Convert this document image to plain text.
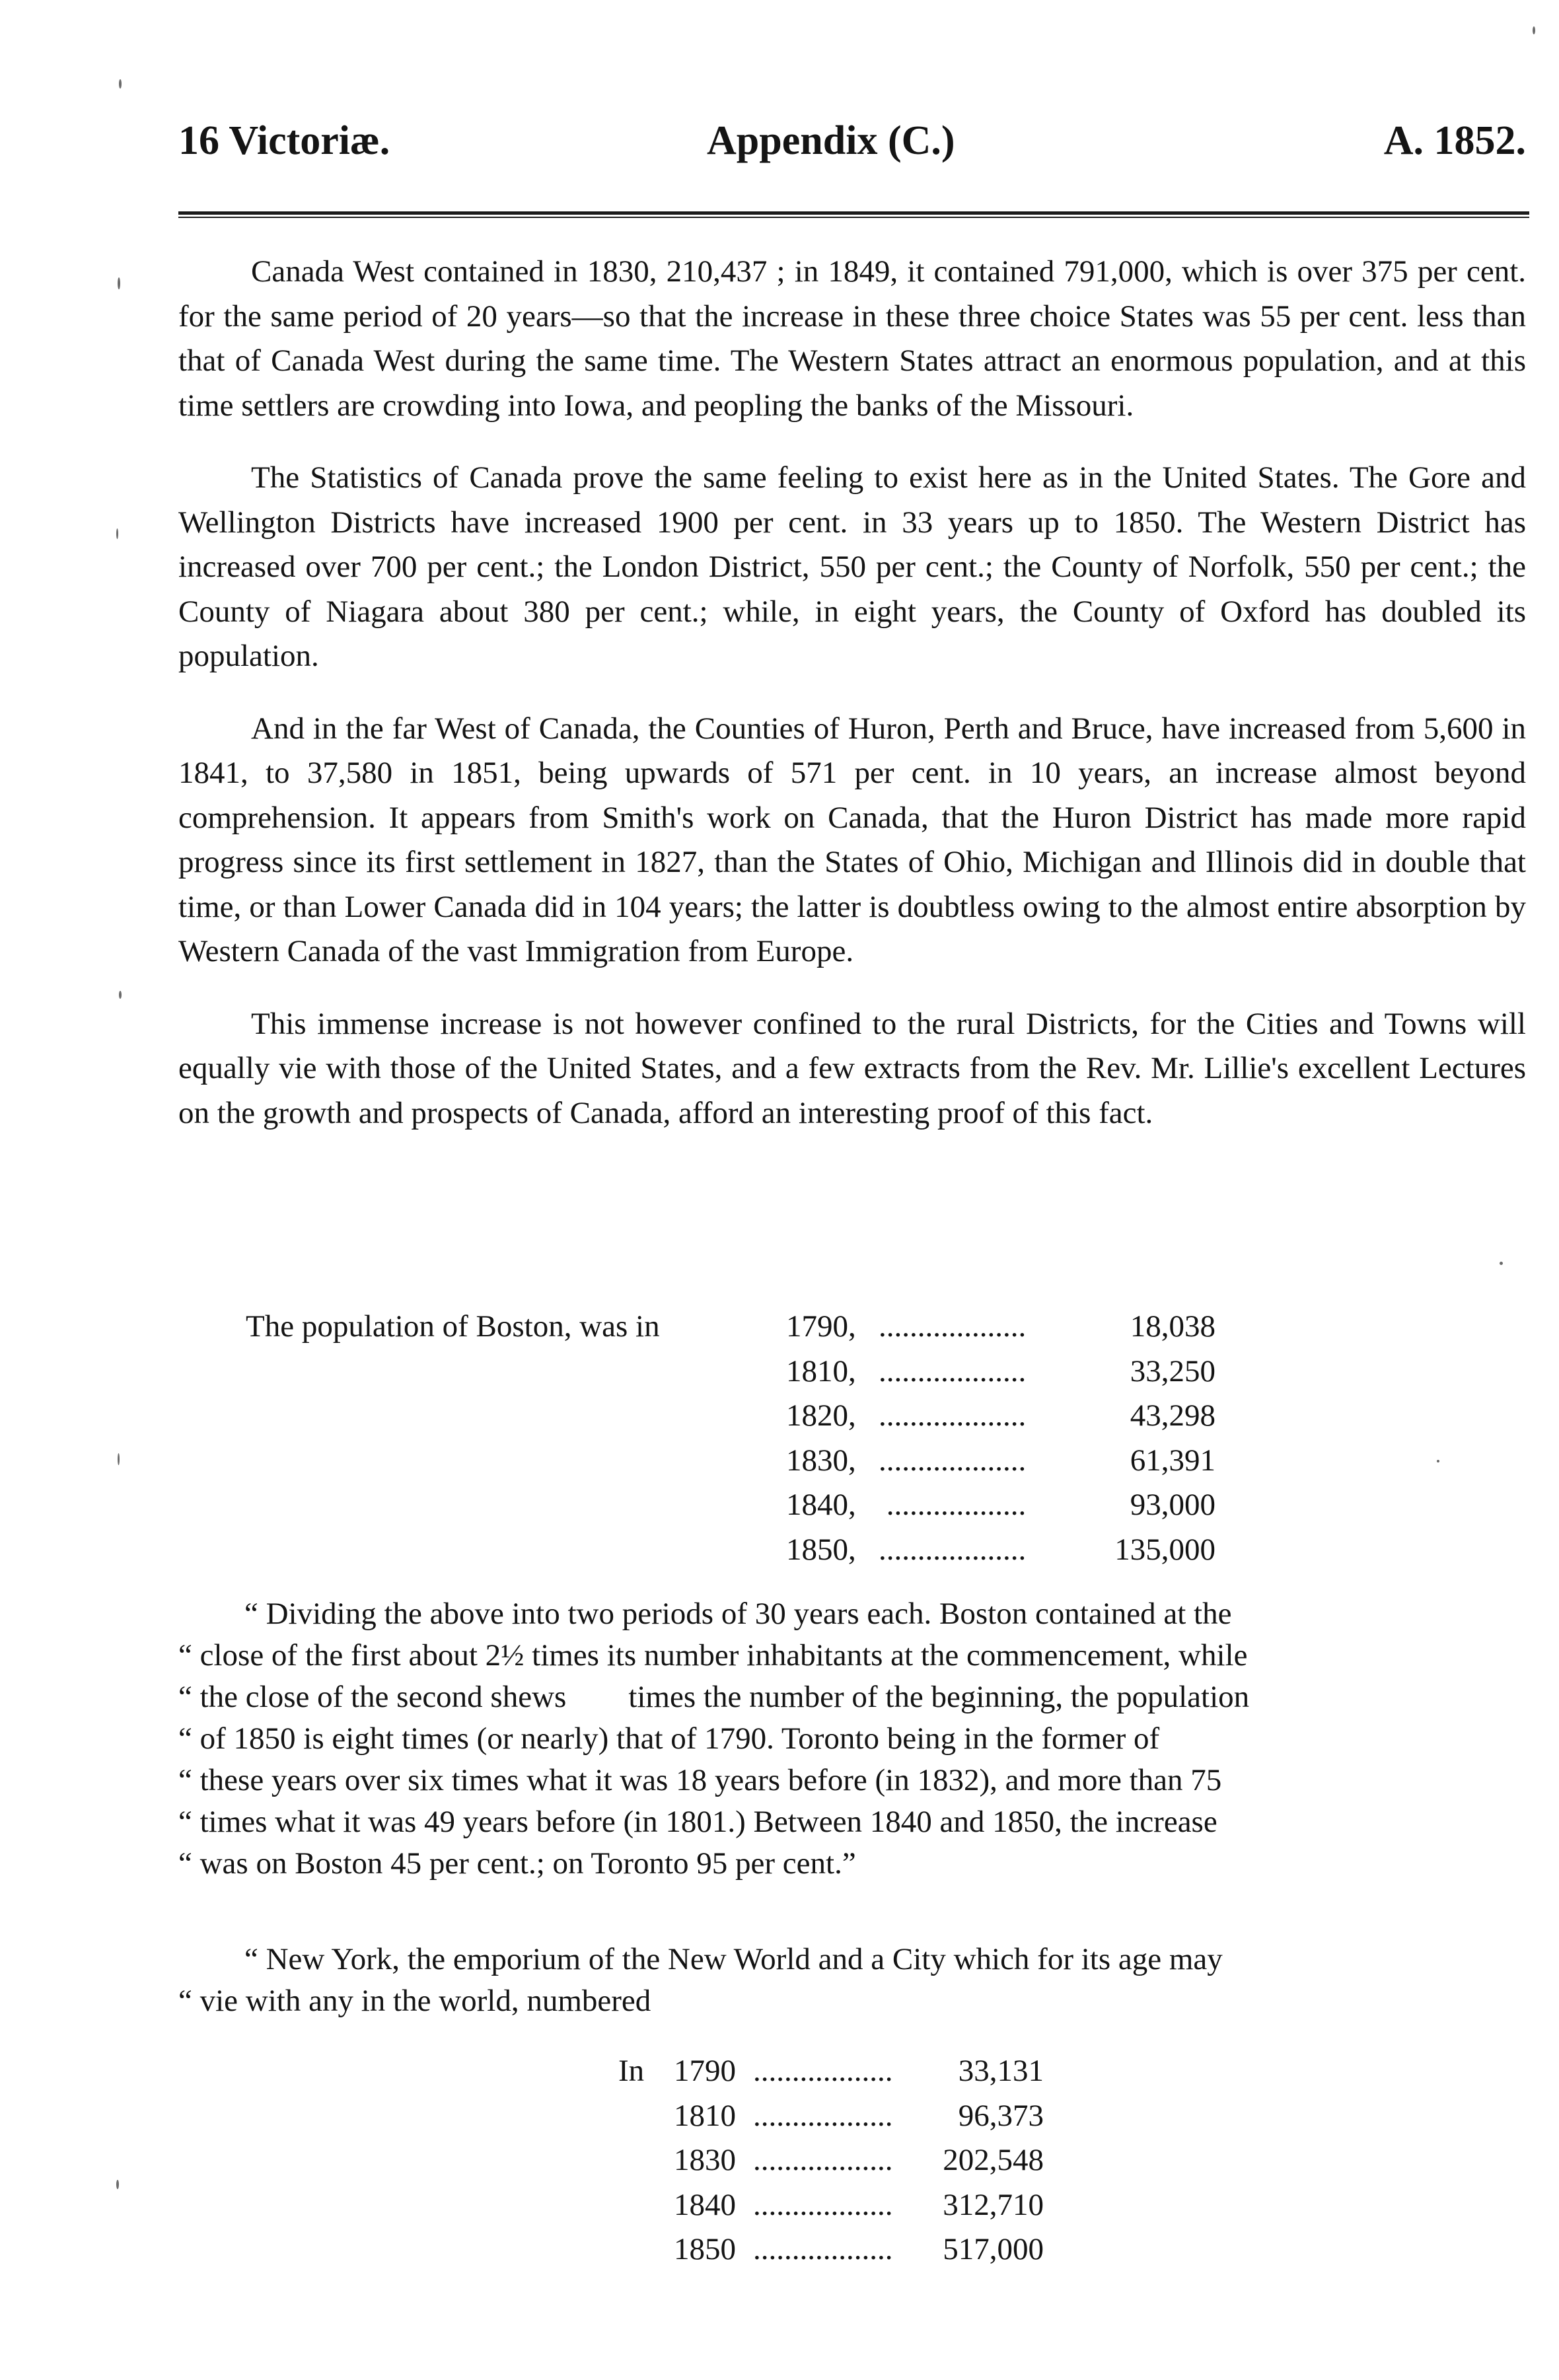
16 Victoriæ.	Appendix (C.)	A. 1852.

Canada West contained in 1830, 210,437 ; in 1849, it contained 791,000, which is over 375 per cent. for the same period of 20 years—so that the increase in these three choice States was 55 per cent. less than that of Canada West during the same time. The Western States attract an enormous population, and at this time settlers are crowding into Iowa, and peopling the banks of the Missouri.

The Statistics of Canada prove the same feeling to exist here as in the United States. The Gore and Wellington Districts have increased 1900 per cent. in 33 years up to 1850. The Western District has increased over 700 per cent.; the London District, 550 per cent.; the County of Norfolk, 550 per cent.; the County of Niagara about 380 per cent.; while, in eight years, the County of Oxford has doubled its population.

And in the far West of Canada, the Counties of Huron, Perth and Bruce, have increased from 5,600 in 1841, to 37,580 in 1851, being upwards of 571 per cent. in 10 years, an increase almost beyond comprehension. It appears from Smith's work on Canada, that the Huron District has made more rapid progress since its first settlement in 1827, than the States of Ohio, Michigan and Illinois did in double that time, or than Lower Canada did in 104 years; the latter is doubtless owing to the almost entire absorption by Western Canada of the vast Immigration from Europe.

This immense increase is not however confined to the rural Districts, for the Cities and Towns will equally vie with those of the United States, and a few extracts from the Rev. Mr. Lillie's excellent Lectures on the growth and prospects of Canada, afford an interesting proof of this fact.

The population of Boston, was in	1790, ...................	18,038
1810, ...................	33,250
1820, ...................	43,298
1830, ...................	61,391
1840, ..................	93,000
1850, ...................	135,000

“ Dividing the above into two periods of 30 years each. Boston contained at the

“ close of the first about 2½ times its number inhabitants at the commencement, while

“ the close of the second shews        times the number of the beginning, the population

“ of 1850 is eight times (or nearly) that of 1790. Toronto being in the former of

“ these years over six times what it was 18 years before (in 1832), and more than 75

“ times what it was 49 years before (in 1801.) Between 1840 and 1850, the increase

“ was on Boston 45 per cent.; on Toronto 95 per cent.”

“ New York, the emporium of the New World and a City which for its age may

“ vie with any in the world, numbered

In 1790 ..................	33,131
1810 ..................	96,373
1830 ..................	202,548
1840 ..................	312,710
1850 ..................	517,000
